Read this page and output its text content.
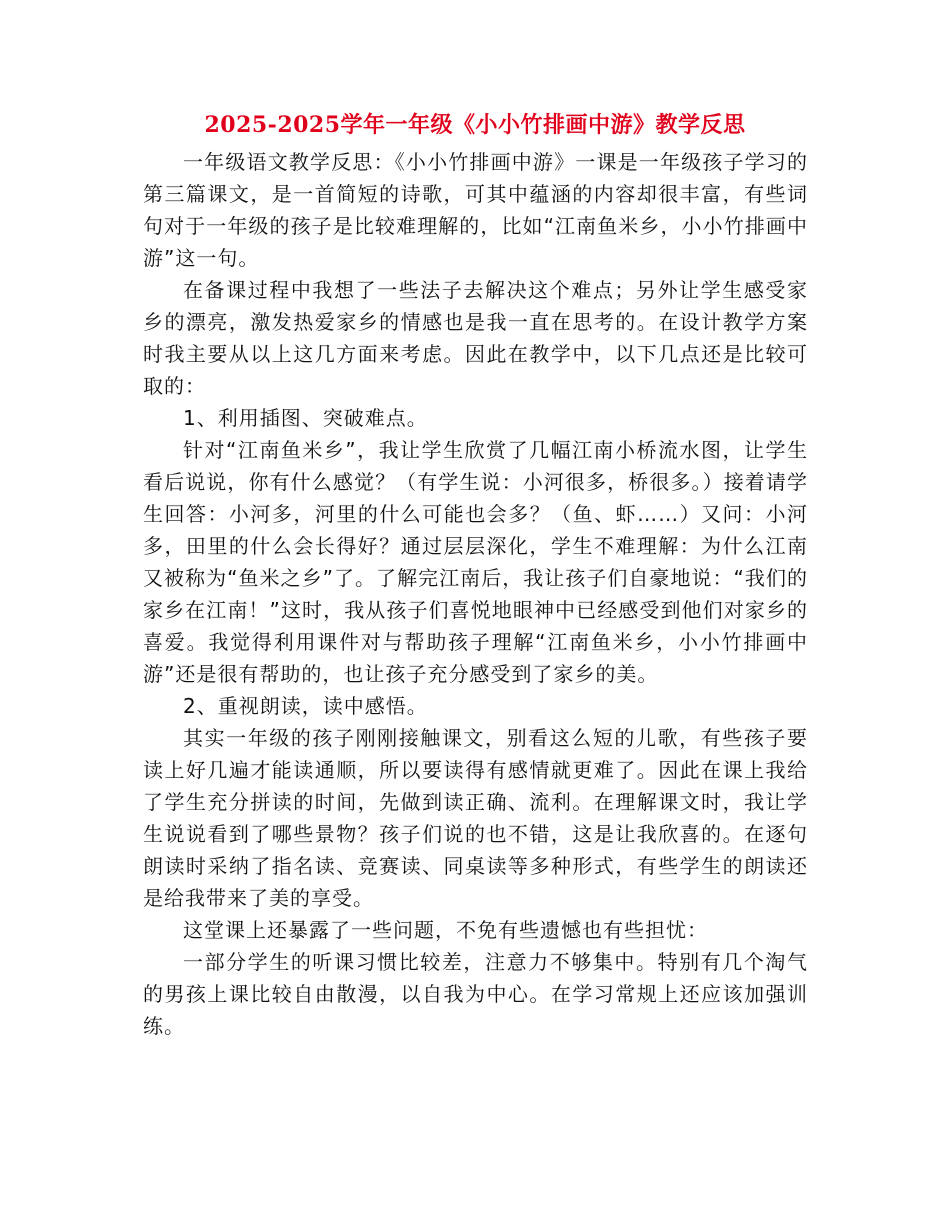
2025-2025学年一年级《小小竹排画中游》教学反思

一年级语文教学反思：《小小竹排画中游》一课是一年级孩子学习的第三篇课文，是一首简短的诗歌，可其中蕴涵的内容却很丰富，有些词句对于一年级的孩子是比较难理解的，比如“江南鱼米乡，小小竹排画中游”这一句。

在备课过程中我想了一些法子去解决这个难点；另外让学生感受家乡的漂亮，激发热爱家乡的情感也是我一直在思考的。在设计教学方案时我主要从以上这几方面来考虑。因此在教学中，以下几点还是比较可取的：

1、利用插图、突破难点。

针对“江南鱼米乡”，我让学生欣赏了几幅江南小桥流水图，让学生看后说说，你有什么感觉？（有学生说：小河很多，桥很多。）接着请学生回答：小河多，河里的什么可能也会多？（鱼、虾……）又问：小河多，田里的什么会长得好？通过层层深化，学生不难理解：为什么江南又被称为“鱼米之乡”了。了解完江南后，我让孩子们自豪地说：“我们的家乡在江南！”这时，我从孩子们喜悦地眼神中已经感受到他们对家乡的喜爱。我觉得利用课件对与帮助孩子理解“江南鱼米乡，小小竹排画中游”还是很有帮助的，也让孩子充分感受到了家乡的美。

2、重视朗读，读中感悟。

其实一年级的孩子刚刚接触课文，别看这么短的儿歌，有些孩子要读上好几遍才能读通顺，所以要读得有感情就更难了。因此在课上我给了学生充分拼读的时间，先做到读正确、流利。在理解课文时，我让学生说说看到了哪些景物？孩子们说的也不错，这是让我欣喜的。在逐句朗读时采纳了指名读、竞赛读、同桌读等多种形式，有些学生的朗读还是给我带来了美的享受。

这堂课上还暴露了一些问题，不免有些遗憾也有些担忧：

一部分学生的听课习惯比较差，注意力不够集中。特别有几个淘气的男孩上课比较自由散漫，以自我为中心。在学习常规上还应该加强训练。
